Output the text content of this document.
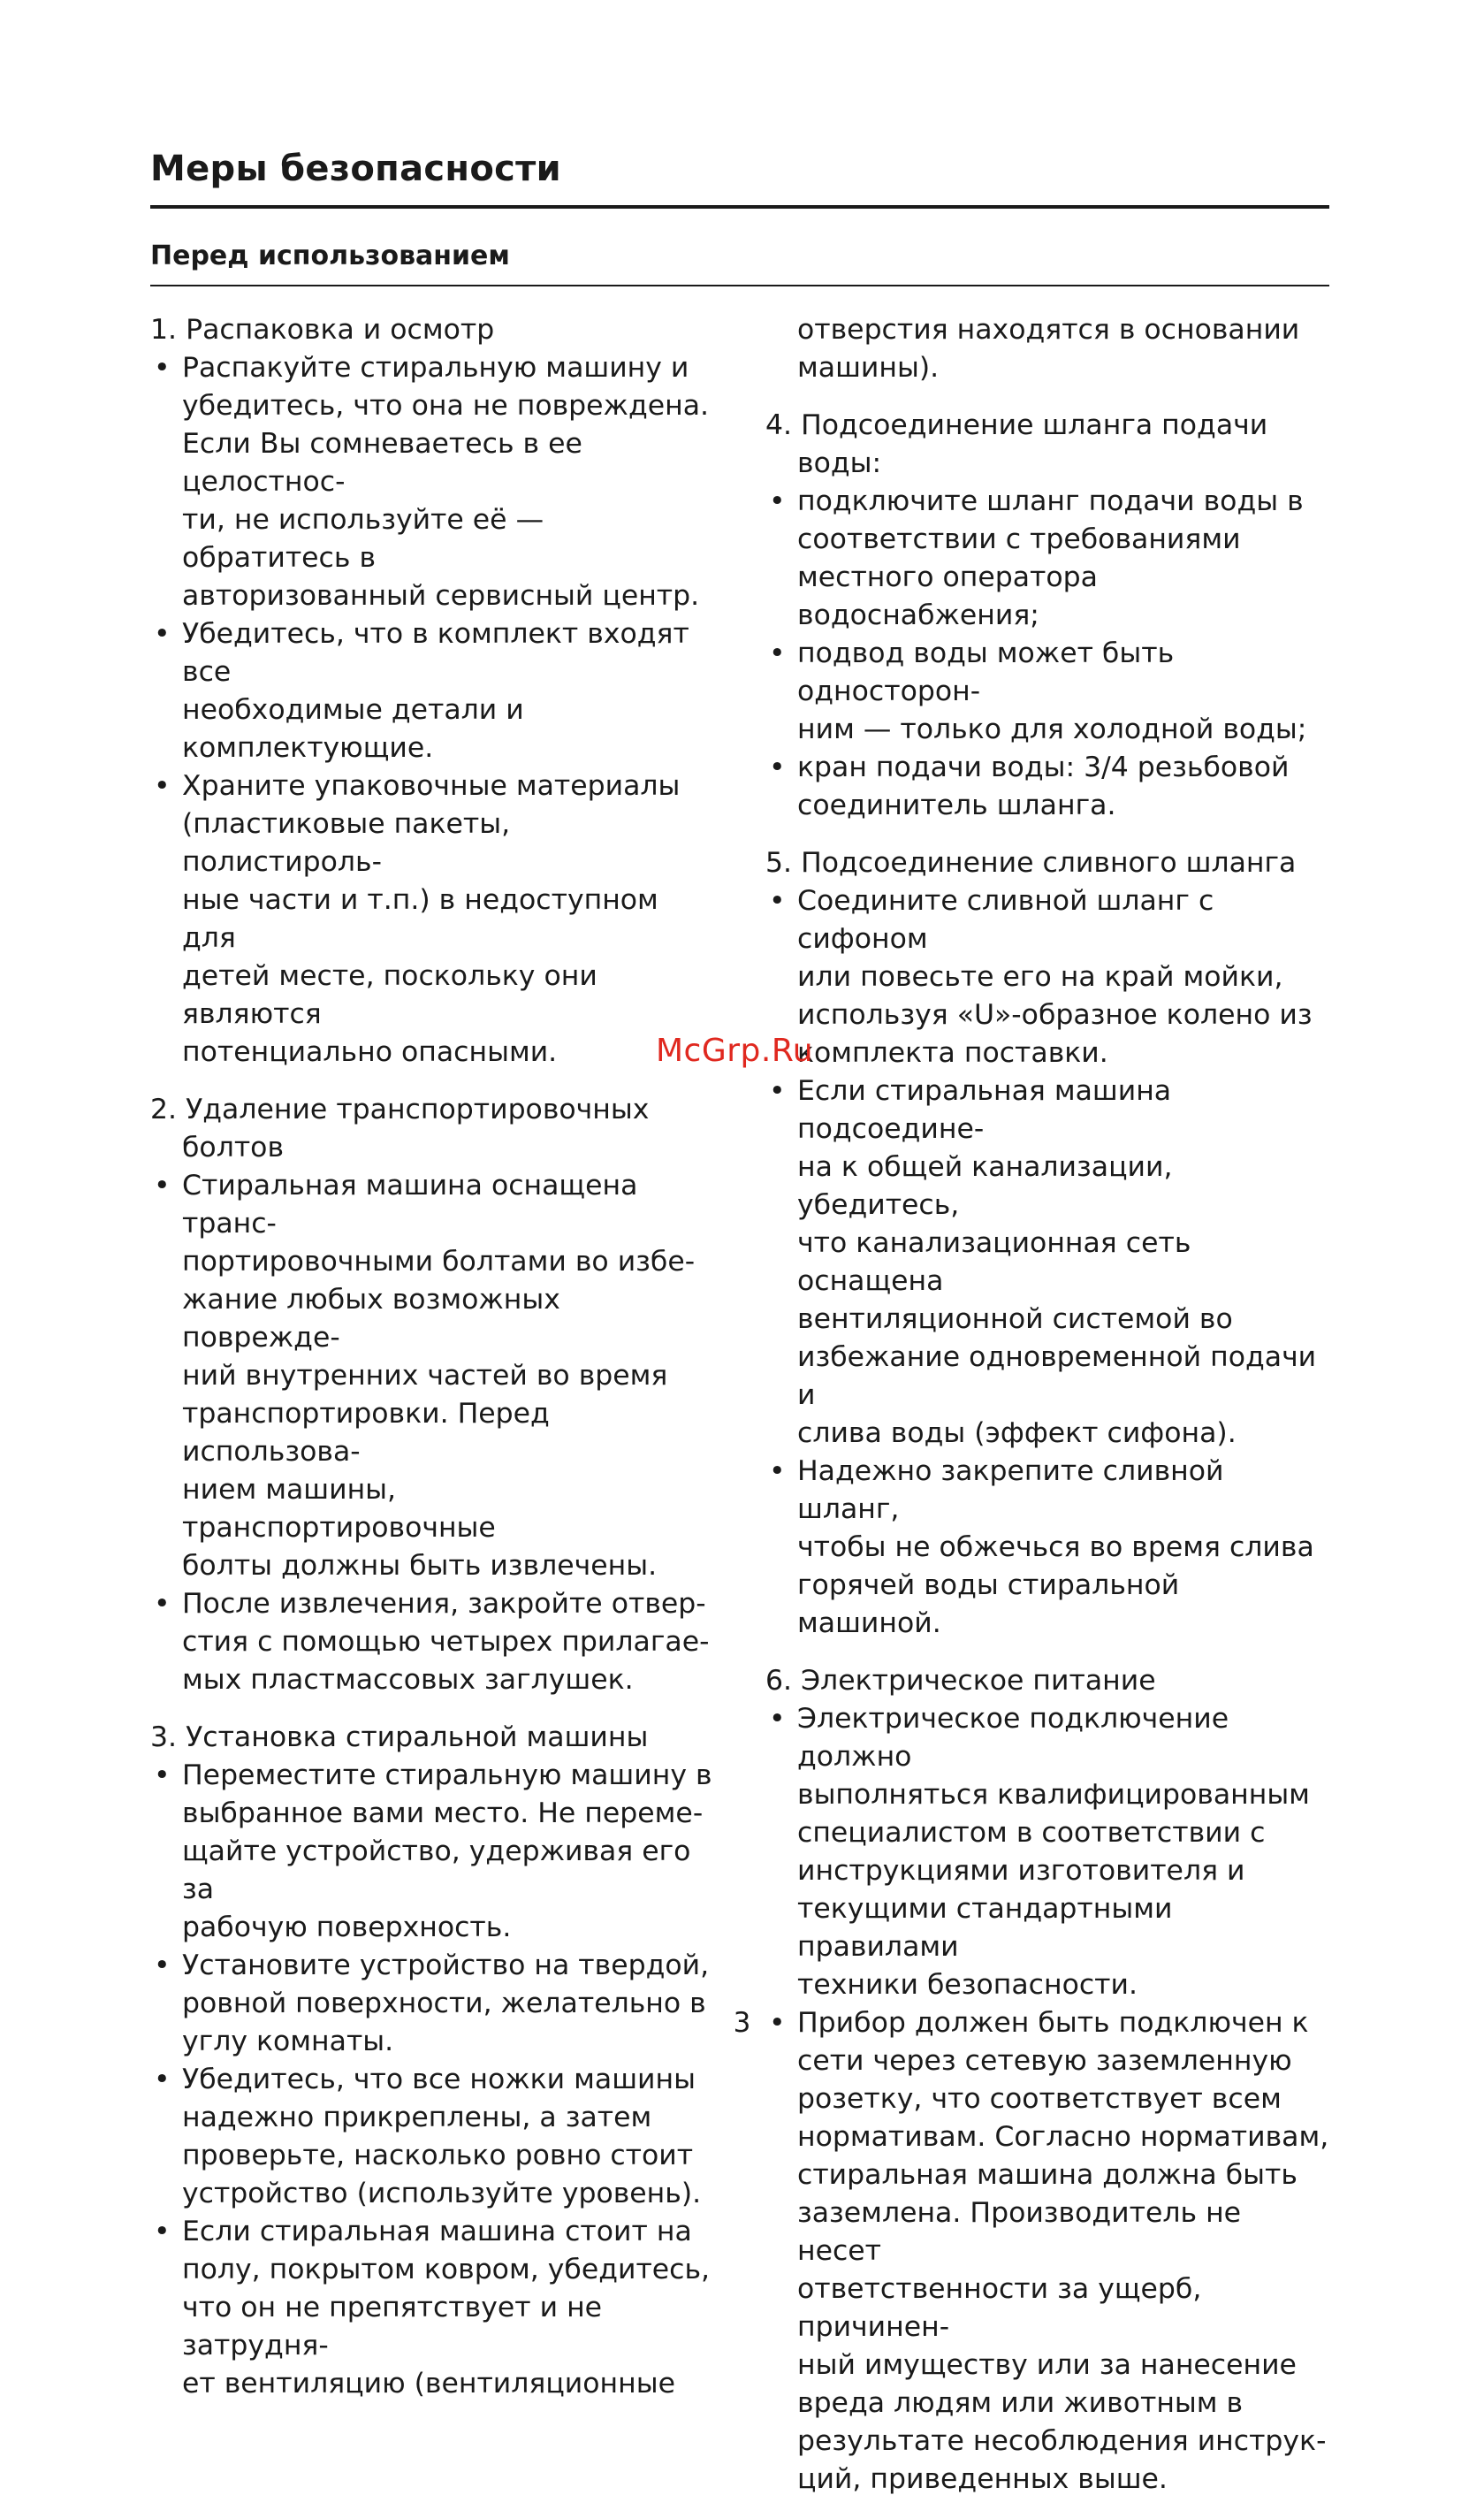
Меры безопасности
Перед использованием
1. Распаковка и осмотр
• Распакуйте стиральную машину и
убедитесь, что она не повреждена.
Если Вы сомневаетесь в ее целостнос-
ти, не используйте её — обратитесь в
авторизованный сервисный центр.
• Убедитесь, что в комплект входят все
необходимые детали и
комплектующие.
• Храните упаковочные материалы
(пластиковые пакеты, полистироль-
ные части и т.п.) в недоступном для
детей месте, поскольку они являются
потенциально опасными.
2. Удаление транспортировочных
болтов
• Стиральная машина оснащена транс-
портировочными болтами во избе-
жание любых возможных поврежде-
ний внутренних частей во время
транспортировки. Перед использова-
нием машины, транспортировочные
болты должны быть извлечены.
• После извлечения, закройте отвер-
стия с помощью четырех прилагае-
мых пластмассовых заглушек.
3. Установка стиральной машины
• Переместите стиральную машину в
выбранное вами место. Не переме-
щайте устройство, удерживая его за
рабочую поверхность.
• Установите устройство на твердой,
ровной поверхности, желательно в
углу комнаты.
• Убедитесь, что все ножки машины
надежно прикреплены, а затем
проверьте, насколько ровно стоит
устройство (используйте уровень).
• Если стиральная машина стоит на
полу, покрытом ковром, убедитесь,
что он не препятствует и не затрудня-
ет вентиляцию (вентиляционные
отверстия находятся в основании
машины).
4. Подсоединение шланга подачи воды:
• подключите шланг подачи воды в
соответствии с требованиями
местного оператора водоснабжения;
• подвод воды может быть односторон-
ним — только для холодной воды;
• кран подачи воды: 3/4 резьбовой
соединитель шланга.
5. Подсоединение сливного шланга
• Соедините сливной шланг с сифоном
или повесьте его на край мойки,
используя «U»-образное колено из
комплекта поставки.
• Если стиральная машина подсоедине-
на к общей канализации, убедитесь,
что канализационная сеть оснащена
вентиляционной системой во
избежание одновременной подачи и
слива воды (эффект сифона).
• Надежно закрепите сливной шланг,
чтобы не обжечься во время слива
горячей воды стиральной машиной.
6. Электрическое питание
• Электрическое подключение должно
выполняться квалифицированным
специалистом в соответствии с
инструкциями изготовителя и
текущими стандартными правилами
техники безопасности.
• Прибор должен быть подключен к
сети через сетевую заземленную
розетку, что соответствует всем
нормативам. Согласно нормативам,
стиральная машина должна быть
заземлена. Производитель не несет
ответственности за ущерб, причинен-
ный имуществу или за нанесение
вреда людям или животным в
результате несоблюдения инструк-
ций, приведенных выше.
McGrp.Ru
3
